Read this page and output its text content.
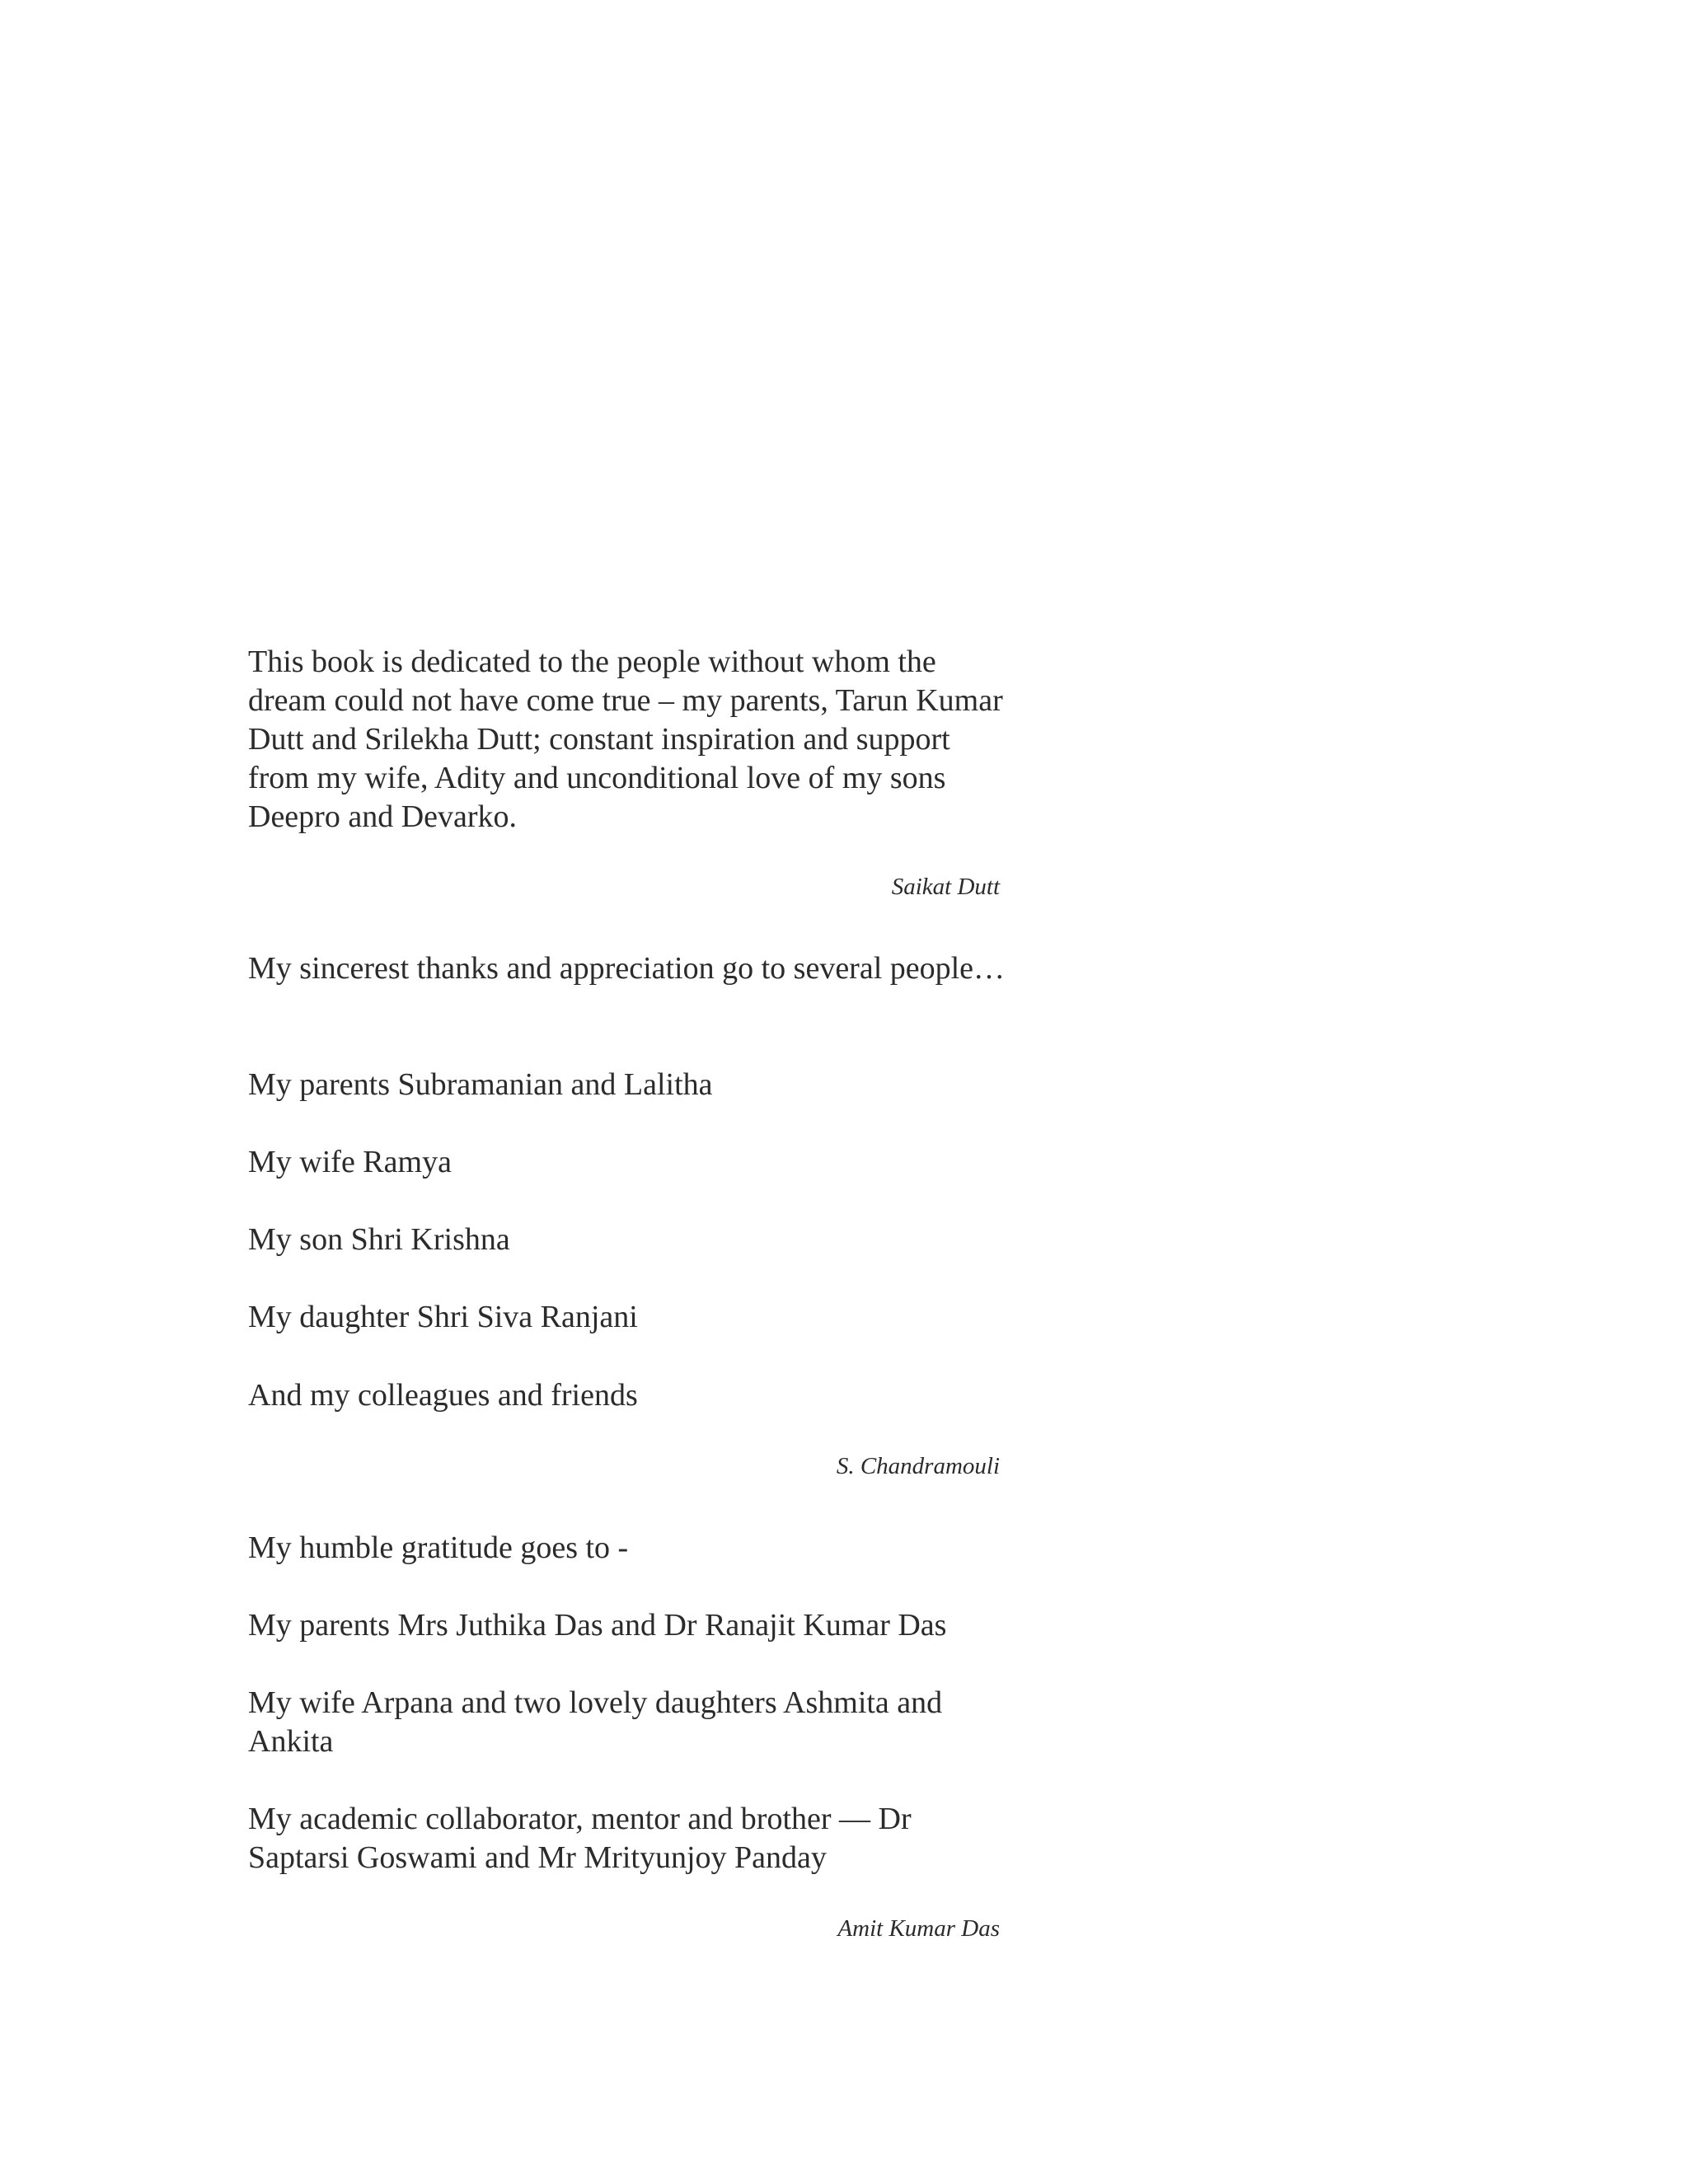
This book is dedicated to the people without whom the dream could not have come true – my parents, Tarun Kumar Dutt and Srilekha Dutt; constant inspiration and support from my wife, Adity and unconditional love of my sons Deepro and Devarko.

Saikat Dutt

My sincerest thanks and appreciation go to several people…

My parents Subramanian and Lalitha

My wife Ramya

My son Shri Krishna

My daughter Shri Siva Ranjani

And my colleagues and friends

S. Chandramouli

My humble gratitude goes to -

My parents Mrs Juthika Das and Dr Ranajit Kumar Das

My wife Arpana and two lovely daughters Ashmita and Ankita

My academic collaborator, mentor and brother — Dr Saptarsi Goswami and Mr Mrityunjoy Panday

Amit Kumar Das
